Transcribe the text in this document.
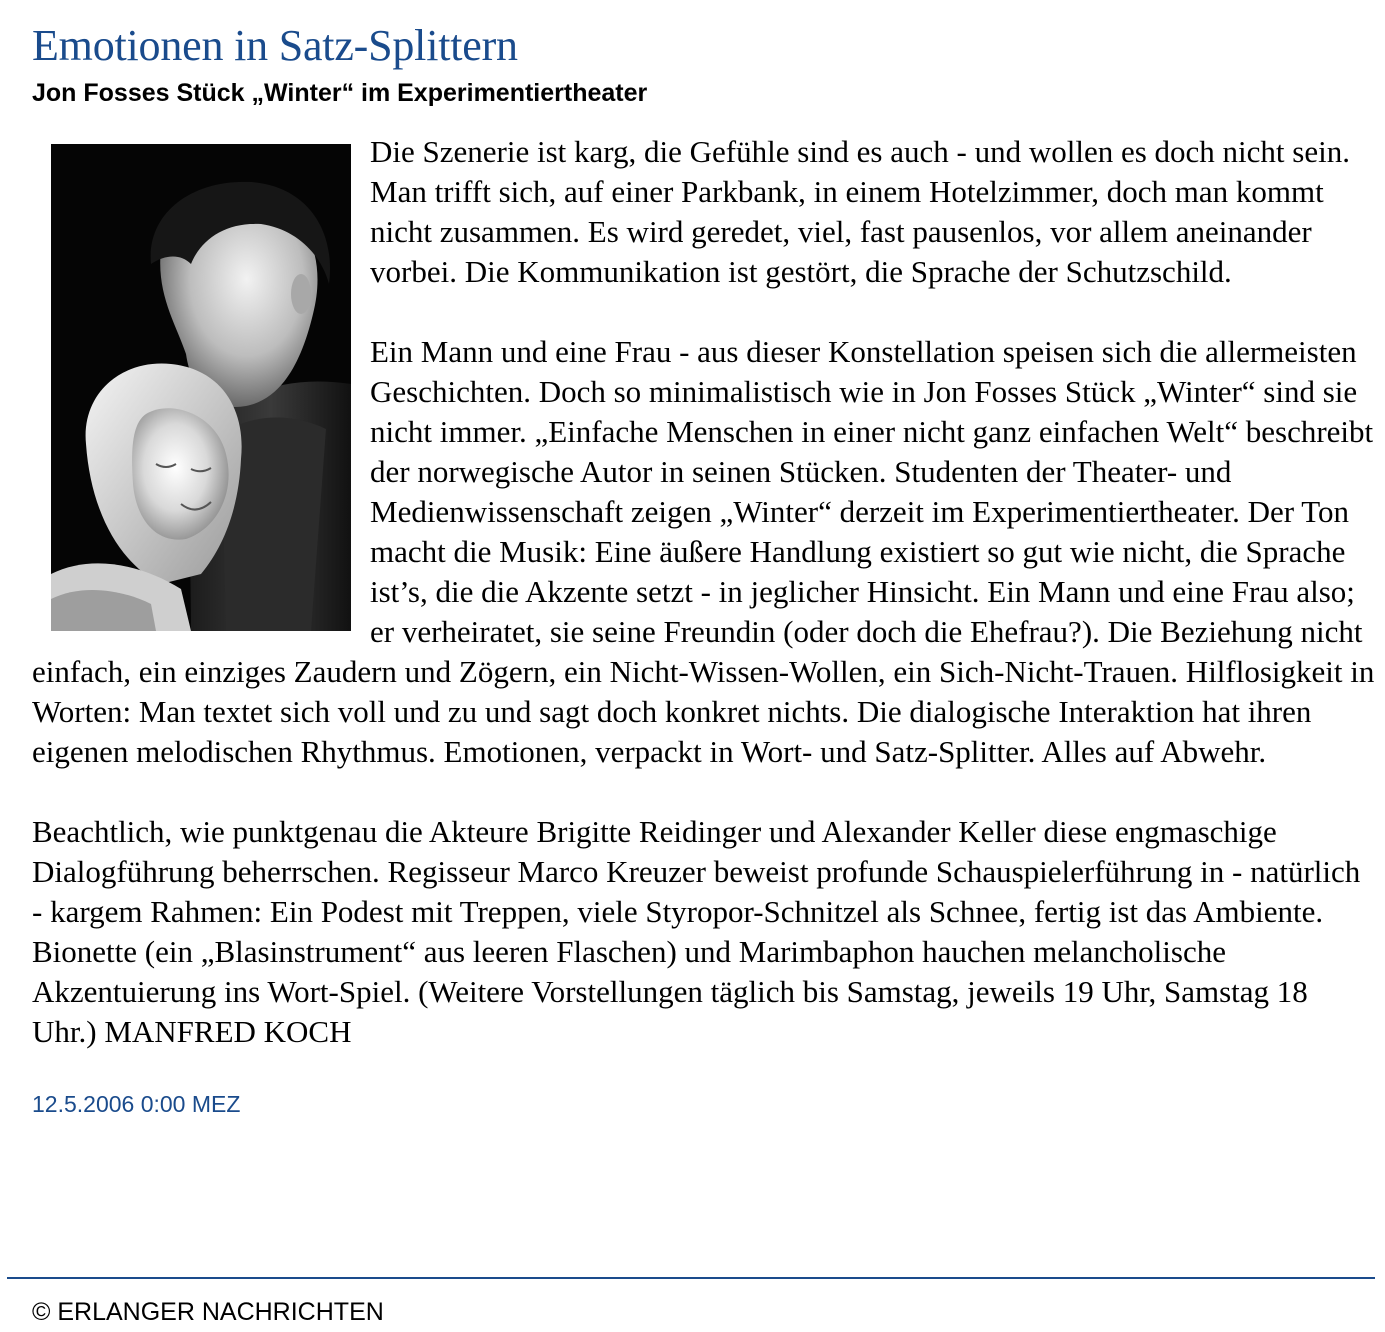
Emotionen in Satz-Splittern
Jon Fosses Stück „Winter“ im Experimentiertheater

Die Szenerie ist karg, die Gefühle sind es auch - und wollen es doch nicht sein. Man trifft sich, auf einer Parkbank, in einem Hotelzimmer, doch man kommt nicht zusammen. Es wird geredet, viel, fast pausenlos, vor allem aneinander vorbei. Die Kommunikation ist gestört, die Sprache der Schutzschild.

Ein Mann und eine Frau - aus dieser Konstellation speisen sich die allermeisten Geschichten. Doch so minimalistisch wie in Jon Fosses Stück „Winter“ sind sie nicht immer. „Einfache Menschen in einer nicht ganz einfachen Welt“ beschreibt der norwegische Autor in seinen Stücken. Studenten der Theater- und Medienwissenschaft zeigen „Winter“ derzeit im Experimentiertheater. Der Ton macht die Musik: Eine äußere Handlung existiert so gut wie nicht, die Sprache ist’s, die die Akzente setzt - in jeglicher Hinsicht. Ein Mann und eine Frau also; er verheiratet, sie seine Freundin (oder doch die Ehefrau?). Die Beziehung nicht einfach, ein einziges Zaudern und Zögern, ein Nicht-Wissen-Wollen, ein Sich-Nicht-Trauen. Hilflosigkeit in Worten: Man textet sich voll und zu und sagt doch konkret nichts. Die dialogische Interaktion hat ihren eigenen melodischen Rhythmus. Emotionen, verpackt in Wort- und Satz-Splitter. Alles auf Abwehr.

Beachtlich, wie punktgenau die Akteure Brigitte Reidinger und Alexander Keller diese engmaschige Dialogführung beherrschen. Regisseur Marco Kreuzer beweist profunde Schauspielerführung in - natürlich - kargem Rahmen: Ein Podest mit Treppen, viele Styropor-Schnitzel als Schnee, fertig ist das Ambiente. Bionette (ein „Blasinstrument“ aus leeren Flaschen) und Marimbaphon hauchen melancholische Akzentuierung ins Wort-Spiel. (Weitere Vorstellungen täglich bis Samstag, jeweils 19 Uhr, Samstag 18 Uhr.) MANFRED KOCH

12.5.2006 0:00 MEZ
© ERLANGER NACHRICHTEN
